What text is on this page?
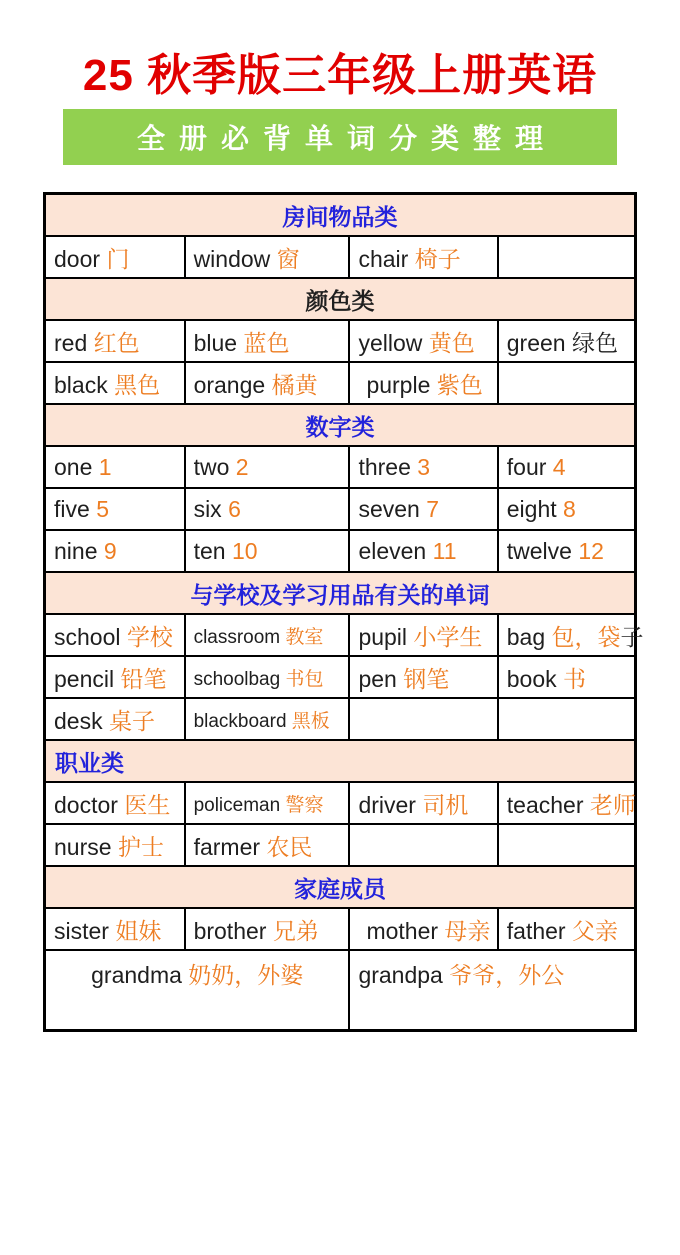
25 秋季版三年级上册英语
全册必背单词分类整理
房间物品类			
door 门	window 窗	chair 椅子	
颜色类			
red 红色	blue 蓝色	yellow 黄色	green 绿色
black 黑色	orange 橘黄	purple 紫色	
数字类			
one 1	two 2	three 3	four 4
five 5	six 6	seven 7	eight 8
nine 9	ten 10	eleven 11	twelve 12
与学校及学习用品有关的单词			
school 学校	classroom 教室	pupil 小学生	bag 包，袋子
pencil 铅笔	schoolbag 书包	pen 钢笔	book 书
desk 桌子	blackboard 黑板		
职业类			
doctor 医生	policeman 警察	driver 司机	teacher 老师
nurse 护士	farmer 农民		
家庭成员			
sister 姐妹	brother 兄弟	mother 母亲	father 父亲
grandma 奶奶，外婆		grandpa 爷爷，外公	
